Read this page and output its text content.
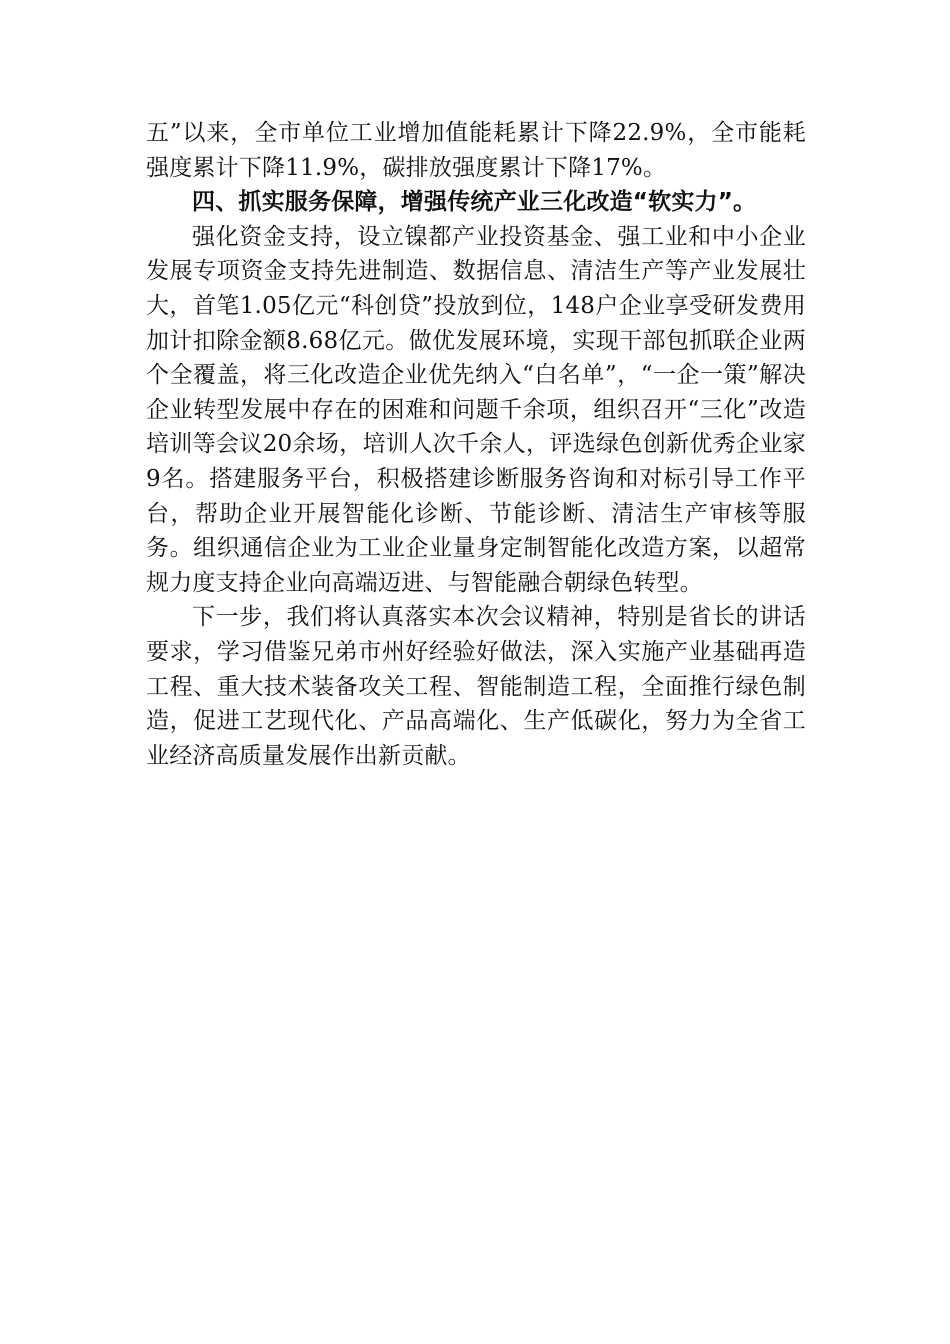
五”以来，全市单位工业增加值能耗累计下降22.9%，全市能耗强度累计下降11.9%，碳排放强度累计下降17%。

四、抓实服务保障，增强传统产业三化改造“软实力”。

强化资金支持，设立镍都产业投资基金、强工业和中小企业发展专项资金支持先进制造、数据信息、清洁生产等产业发展壮大，首笔1.05亿元“科创贷”投放到位，148户企业享受研发费用加计扣除金额8.68亿元。做优发展环境，实现干部包抓联企业两个全覆盖，将三化改造企业优先纳入“白名单”，“一企一策”解决企业转型发展中存在的困难和问题千余项，组织召开“三化”改造培训等会议20余场，培训人次千余人，评选绿色创新优秀企业家9名。搭建服务平台，积极搭建诊断服务咨询和对标引导工作平台，帮助企业开展智能化诊断、节能诊断、清洁生产审核等服务。组织通信企业为工业企业量身定制智能化改造方案，以超常规力度支持企业向高端迈进、与智能融合朝绿色转型。

下一步，我们将认真落实本次会议精神，特别是省长的讲话要求，学习借鉴兄弟市州好经验好做法，深入实施产业基础再造工程、重大技术装备攻关工程、智能制造工程，全面推行绿色制造，促进工艺现代化、产品高端化、生产低碳化，努力为全省工业经济高质量发展作出新贡献。
